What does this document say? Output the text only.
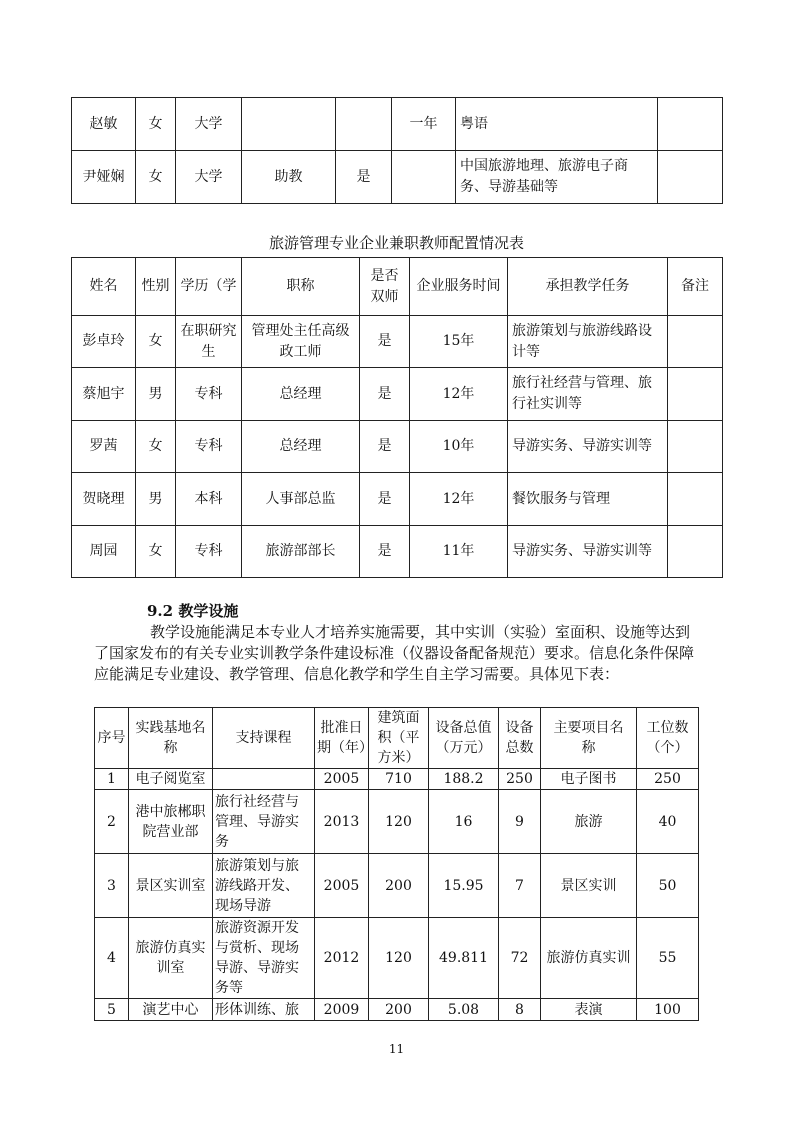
赵敏	女	大学			一年	粤语	
尹娅娴	女	大学	助教	是		中国旅游地理、旅游电子商务、导游基础等	
旅游管理专业企业兼职教师配置情况表
姓名	性别	学历（学	职称	是否双师	企业服务时间	承担教学任务	备注
彭卓玲	女	在职研究生	管理处主任高级政工师	是	15年	旅游策划与旅游线路设计等	
蔡旭宇	男	专科	总经理	是	12年	旅行社经营与管理、旅行社实训等	
罗茜	女	专科	总经理	是	10年	导游实务、导游实训等	
贺晓理	男	本科	人事部总监	是	12年	餐饮服务与管理	
周园	女	专科	旅游部部长	是	11年	导游实务、导游实训等	
9.2 教学设施

教学设施能满足本专业人才培养实施需要，其中实训（实验）室面积、设施等达到了国家发布的有关专业实训教学条件建设标准（仪器设备配备规范）要求。信息化条件保障应能满足专业建设、教学管理、信息化教学和学生自主学习需要。具体见下表：

序号	实践基地名　　称	支持课程	批准日期（年）	建筑面积（平方米）	设备总值（万元）	设备总数	主要项目名　　称	工位数（个）
1	电子阅览室		2005	710	188.2	250	电子图书	250
2	港中旅郴职院营业部	旅行社经营与管理、导游实务	2013	120	16	9	旅游	40
3	景区实训室	旅游策划与旅游线路开发、现场导游	2005	200	15.95	7	景区实训	50
4	旅游仿真实训室	旅游资源开发与赏析、现场导游、导游实务等	2012	120	49.811	72	旅游仿真实训	55
5	演艺中心	形体训练、旅	2009	200	5.08	8	表演	100
11
